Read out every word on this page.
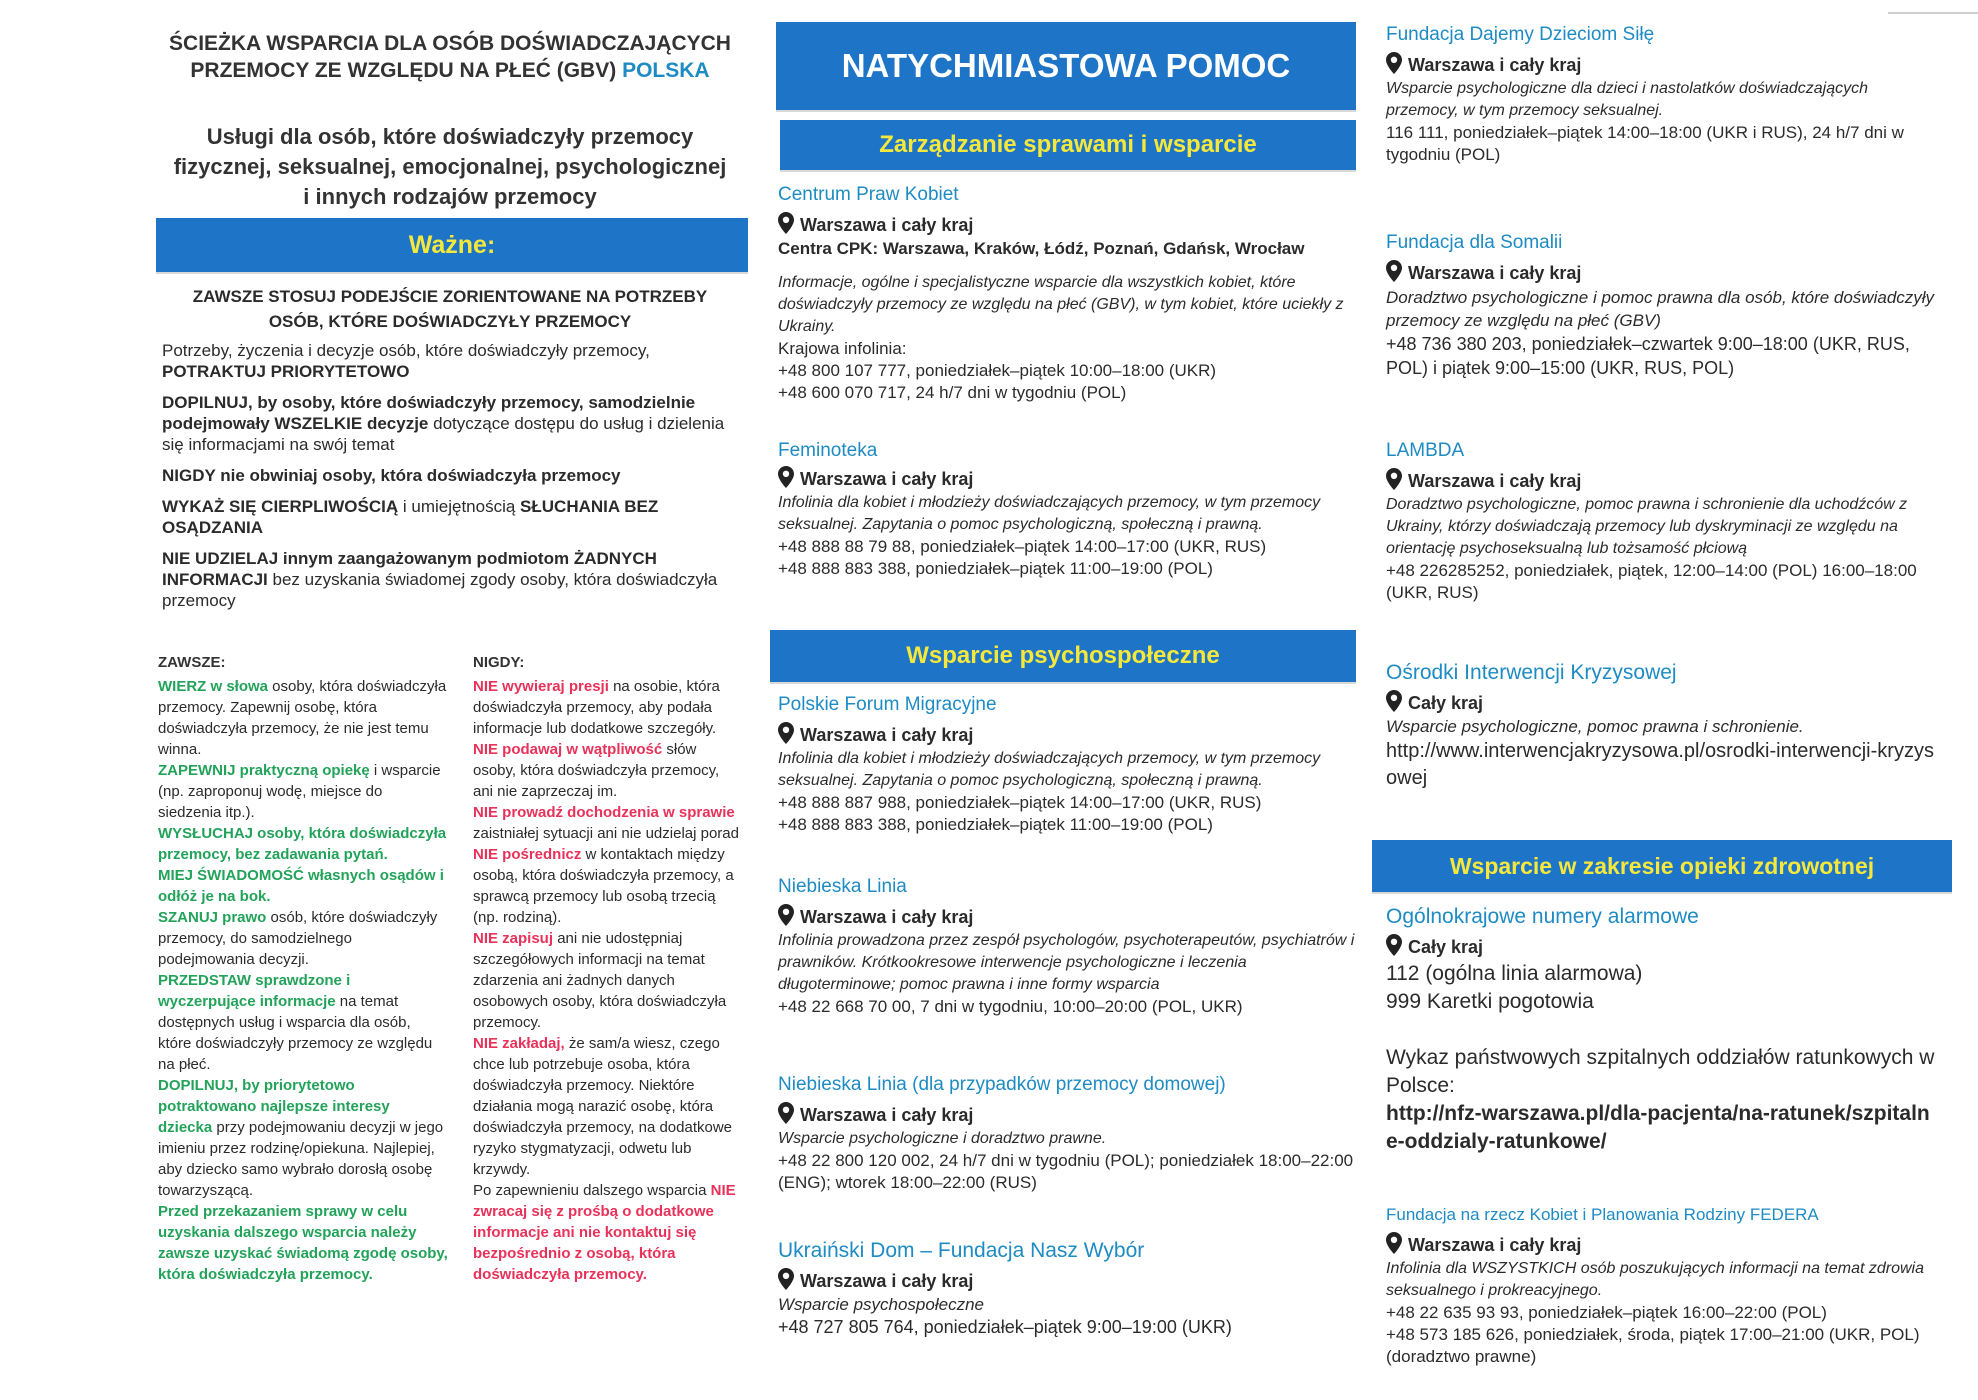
ŚCIEŻKA WSPARCIA DLA OSÓB DOŚWIADCZAJĄCYCH
PRZEMOCY ZE WZGLĘDU NA PŁEĆ (GBV) POLSKA
Usługi dla osób, które doświadczyły przemocy
fizycznej, seksualnej, emocjonalnej, psychologicznej
i innych rodzajów przemocy
Ważne:
ZAWSZE STOSUJ PODEJŚCIE ZORIENTOWANE NA POTRZEBY
OSÓB, KTÓRE DOŚWIADCZYŁY PRZEMOCY

Potrzeby, życzenia i decyzje osób, które doświadczyły przemocy,
POTRAKTUJ PRIORYTETOWO

DOPILNUJ, by osoby, które doświadczyły przemocy, samodzielnie podejmowały WSZELKIE decyzje dotyczące dostępu do usług i dzielenia się informacjami na swój temat

NIGDY nie obwiniaj osoby, która doświadczyła przemocy

WYKAŻ SIĘ CIERPLIWOŚCIĄ i umiejętnością SŁUCHANIA BEZ OSĄDZANIA

NIE UDZIELAJ innym zaangażowanym podmiotom ŻADNYCH INFORMACJI bez uzyskania świadomej zgody osoby, która doświadczyła przemocy

ZAWSZE:

WIERZ w słowa osoby, która doświadczyła przemocy. Zapewnij osobę, która doświadczyła przemocy, że nie jest temu winna.

ZAPEWNIJ praktyczną opiekę i wsparcie (np. zaproponuj wodę, miejsce do siedzenia itp.).

WYSŁUCHAJ osoby, która doświadczyła przemocy, bez zadawania pytań.

MIEJ ŚWIADOMOŚĆ własnych osądów i odłóż je na bok.

SZANUJ prawo osób, które doświadczyły przemocy, do samodzielnego podejmowania decyzji.

PRZEDSTAW sprawdzone i wyczerpujące informacje na temat dostępnych usług i wsparcia dla osób, które doświadczyły przemocy ze względu na płeć.

DOPILNUJ, by priorytetowo potraktowano najlepsze interesy dziecka przy podejmowaniu decyzji w jego imieniu przez rodzinę/opiekuna. Najlepiej, aby dziecko samo wybrało dorosłą osobę towarzyszącą.

Przed przekazaniem sprawy w celu uzyskania dalszego wsparcia należy zawsze uzyskać świadomą zgodę osoby, która doświadczyła przemocy.

NIGDY:

NIE wywieraj presji na osobie, która doświadczyła przemocy, aby podała informacje lub dodatkowe szczegóły.

NIE podawaj w wątpliwość słów osoby, która doświadczyła przemocy, ani nie zaprzeczaj im.

NIE prowadź dochodzenia w sprawie zaistniałej sytuacji ani nie udzielaj porad

NIE pośrednicz w kontaktach między osobą, która doświadczyła przemocy, a sprawcą przemocy lub osobą trzecią (np. rodziną).

NIE zapisuj ani nie udostępniaj szczegółowych informacji na temat zdarzenia ani żadnych danych osobowych osoby, która doświadczyła przemocy.

NIE zakładaj, że sam/a wiesz, czego chce lub potrzebuje osoba, która doświadczyła przemocy. Niektóre działania mogą narazić osobę, która doświadczyła przemocy, na dodatkowe ryzyko stygmatyzacji, odwetu lub krzywdy.

Po zapewnieniu dalszego wsparcia NIE zwracaj się z prośbą o dodatkowe informacje ani nie kontaktuj się bezpośrednio z osobą, która doświadczyła przemocy.

NATYCHMIASTOWA POMOC
Zarządzanie sprawami i wsparcie
Centrum Praw Kobiet
Warszawa i cały kraj
Centra CPK: Warszawa, Kraków, Łódź, Poznań, Gdańsk, Wrocław
Informacje, ogólne i specjalistyczne wsparcie dla wszystkich kobiet, które doświadczyły przemocy ze względu na płeć (GBV), w tym kobiet, które uciekły z Ukrainy.
Krajowa infolinia:
+48 800 107 777, poniedziałek–piątek 10:00–18:00 (UKR)
+48 600 070 717, 24 h/7 dni w tygodniu (POL)
Feminoteka
Warszawa i cały kraj
Infolinia dla kobiet i młodzieży doświadczających przemocy, w tym przemocy seksualnej. Zapytania o pomoc psychologiczną, społeczną i prawną.
+48 888 88 79 88, poniedziałek–piątek 14:00–17:00 (UKR, RUS)
+48 888 883 388, poniedziałek–piątek 11:00–19:00 (POL)
Wsparcie psychospołeczne
Polskie Forum Migracyjne
Warszawa i cały kraj
Infolinia dla kobiet i młodzieży doświadczających przemocy, w tym przemocy seksualnej. Zapytania o pomoc psychologiczną, społeczną i prawną.
+48 888 887 988, poniedziałek–piątek 14:00–17:00 (UKR, RUS)
+48 888 883 388, poniedziałek–piątek 11:00–19:00 (POL)
Niebieska Linia
Warszawa i cały kraj
Infolinia prowadzona przez zespół psychologów, psychoterapeutów, psychiatrów i prawników. Krótkookresowe interwencje psychologiczne i leczenia długoterminowe; pomoc prawna i inne formy wsparcia
+48 22 668 70 00, 7 dni w tygodniu, 10:00–20:00 (POL, UKR)
Niebieska Linia (dla przypadków przemocy domowej)
Warszawa i cały kraj
Wsparcie psychologiczne i doradztwo prawne.
+48 22 800 120 002, 24 h/7 dni w tygodniu (POL); poniedziałek 18:00–22:00 (ENG); wtorek 18:00–22:00 (RUS)
Ukraiński Dom – Fundacja Nasz Wybór
Warszawa i cały kraj
Wsparcie psychospołeczne
+48 727 805 764, poniedziałek–piątek 9:00–19:00 (UKR)
Fundacja Dajemy Dzieciom Siłę
Warszawa i cały kraj
Wsparcie psychologiczne dla dzieci i nastolatków doświadczających przemocy, w tym przemocy seksualnej.
116 111, poniedziałek–piątek 14:00–18:00 (UKR i RUS), 24 h/7 dni w tygodniu (POL)
Fundacja dla Somalii
Warszawa i cały kraj
Doradztwo psychologiczne i pomoc prawna dla osób, które doświadczyły przemocy ze względu na płeć (GBV)
+48 736 380 203, poniedziałek–czwartek 9:00–18:00 (UKR, RUS, POL) i piątek 9:00–15:00 (UKR, RUS, POL)
LAMBDA
Warszawa i cały kraj
Doradztwo psychologiczne, pomoc prawna i schronienie dla uchodźców z Ukrainy, którzy doświadczają przemocy lub dyskryminacji ze względu na orientację psychoseksualną lub tożsamość płciową
+48 226285252, poniedziałek, piątek, 12:00–14:00 (POL) 16:00–18:00 (UKR, RUS)
Ośrodki Interwencji Kryzysowej
Cały kraj
Wsparcie psychologiczne, pomoc prawna i schronienie.
http://www.interwencjakryzysowa.pl/osrodki-interwencji-kryzysowej
Wsparcie w zakresie opieki zdrowotnej
Ogólnokrajowe numery alarmowe
Cały kraj
112 (ogólna linia alarmowa)
999 Karetki pogotowia
Wykaz państwowych szpitalnych oddziałów ratunkowych w Polsce:
http://nfz-warszawa.pl/dla-pacjenta/na-ratunek/szpitalne-oddzialy-ratunkowe/
Fundacja na rzecz Kobiet i Planowania Rodziny FEDERA
Warszawa i cały kraj
Infolinia dla WSZYSTKICH osób poszukujących informacji na temat zdrowia seksualnego i prokreacyjnego.
+48 22 635 93 93, poniedziałek–piątek 16:00–22:00 (POL)
+48 573 185 626, poniedziałek, środa, piątek 17:00–21:00 (UKR, POL) (doradztwo prawne)
